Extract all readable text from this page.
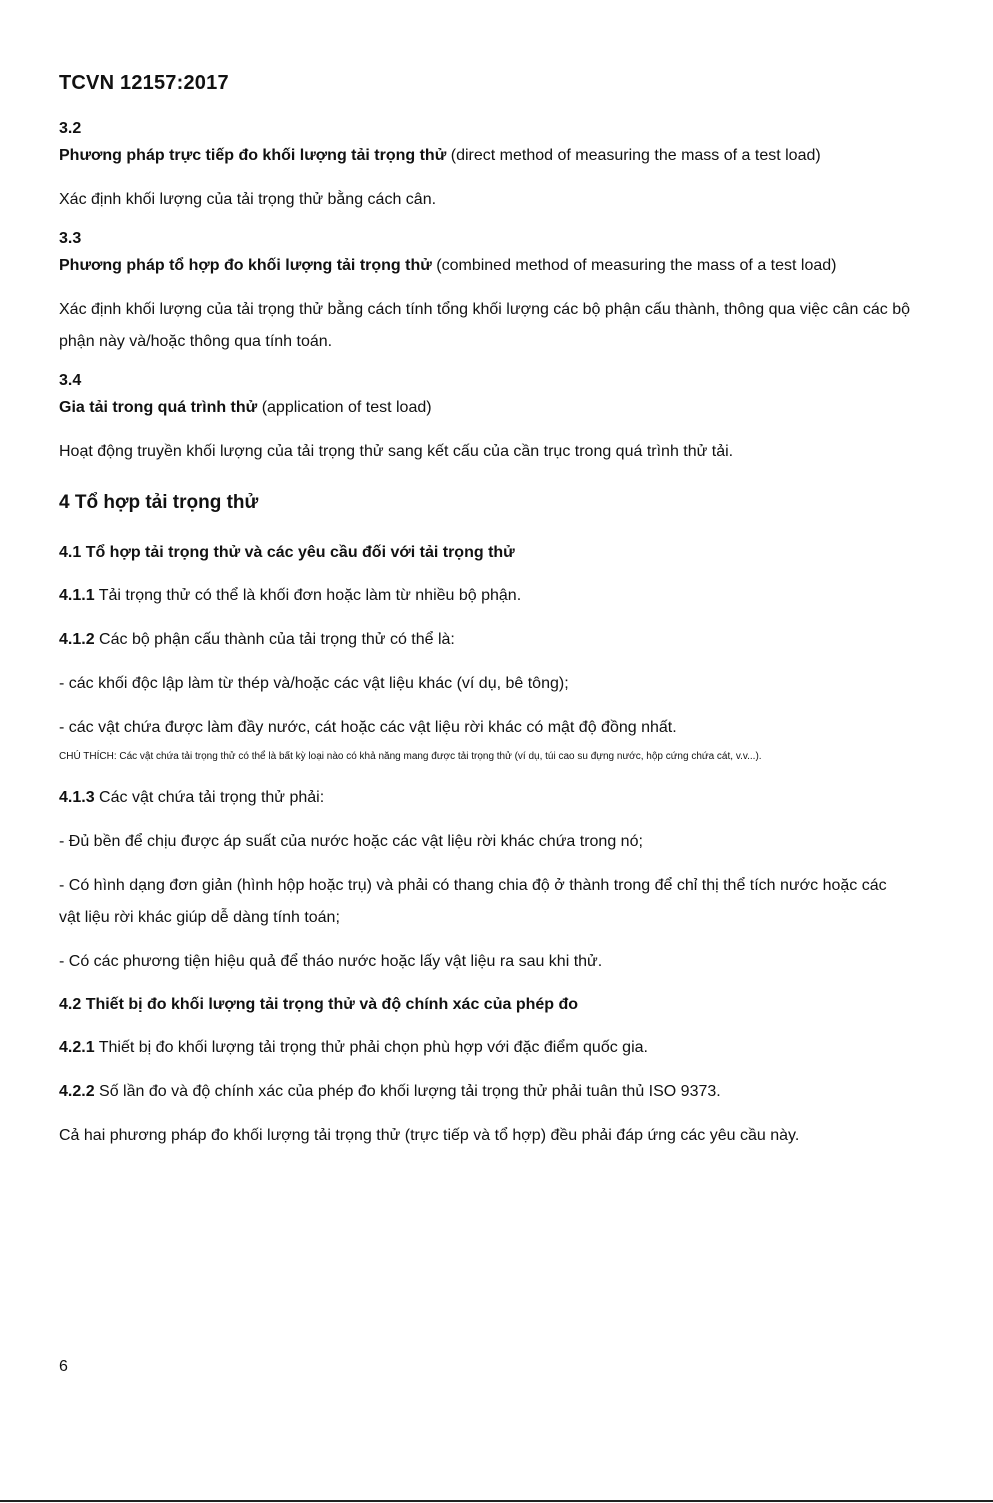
TCVN 12157:2017

3.2

Phương pháp trực tiếp đo khối lượng tải trọng thử (direct method of measuring the mass of a test load)

Xác định khối lượng của tải trọng thử bằng cách cân.

3.3

Phương pháp tổ hợp đo khối lượng tải trọng thử (combined method of measuring the mass of a test load)

Xác định khối lượng của tải trọng thử bằng cách tính tổng khối lượng các bộ phận cấu thành, thông qua việc cân các bộ phận này và/hoặc thông qua tính toán.

3.4

Gia tải trong quá trình thử (application of test load)

Hoạt động truyền khối lượng của tải trọng thử sang kết cấu của cần trục trong quá trình thử tải.

4 Tổ hợp tải trọng thử

4.1 Tổ hợp tải trọng thử và các yêu cầu đối với tải trọng thử

4.1.1 Tải trọng thử có thể là khối đơn hoặc làm từ nhiều bộ phận.

4.1.2 Các bộ phận cấu thành của tải trọng thử có thể là:

- các khối độc lập làm từ thép và/hoặc các vật liệu khác (ví dụ, bê tông);

- các vật chứa được làm đầy nước, cát hoặc các vật liệu rời khác có mật độ đồng nhất.

CHÚ THÍCH: Các vật chứa tải trọng thử có thể là bất kỳ loại nào có khả năng mang được tải trọng thử (ví dụ, túi cao su đựng nước, hộp cứng chứa cát, v.v...).

4.1.3 Các vật chứa tải trọng thử phải:

- Đủ bền để chịu được áp suất của nước hoặc các vật liệu rời khác chứa trong nó;

- Có hình dạng đơn giản (hình hộp hoặc trụ) và phải có thang chia độ ở thành trong để chỉ thị thể tích nước hoặc các vật liệu rời khác giúp dễ dàng tính toán;

- Có các phương tiện hiệu quả để tháo nước hoặc lấy vật liệu ra sau khi thử.

4.2 Thiết bị đo khối lượng tải trọng thử và độ chính xác của phép đo

4.2.1 Thiết bị đo khối lượng tải trọng thử phải chọn phù hợp với đặc điểm quốc gia.

4.2.2 Số lần đo và độ chính xác của phép đo khối lượng tải trọng thử phải tuân thủ ISO 9373.

Cả hai phương pháp đo khối lượng tải trọng thử (trực tiếp và tổ hợp) đều phải đáp ứng các yêu cầu này.

6
